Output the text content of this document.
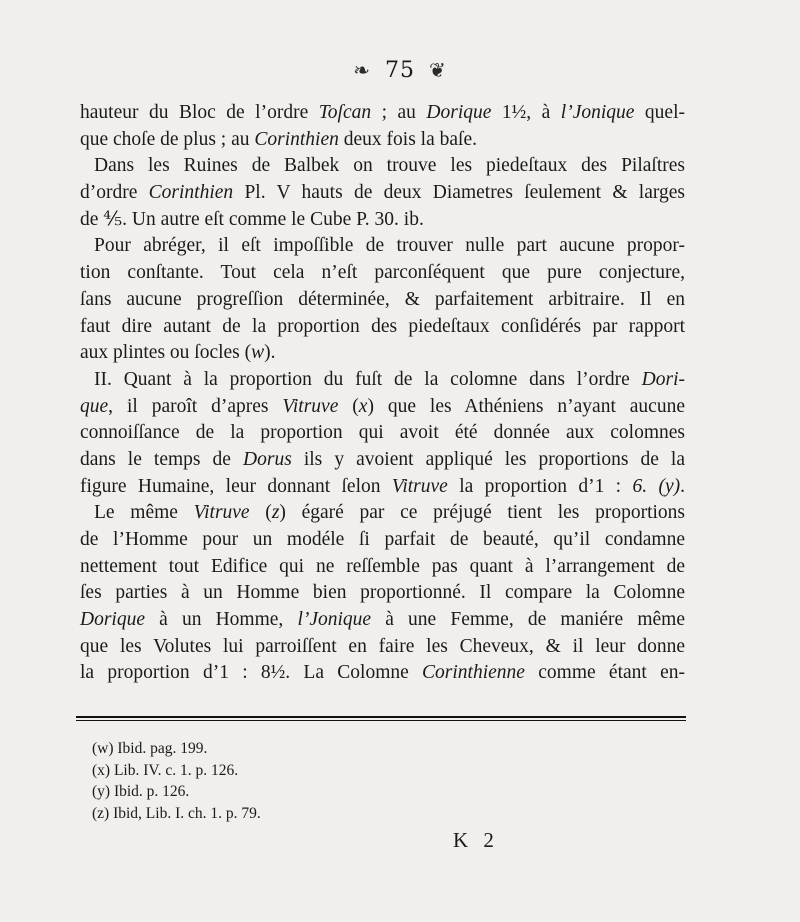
❧ 75 ❦
hauteur du Bloc de l’ordre Toſcan ; au Dorique 1½, à l’Jonique quel-
que choſe de plus ; au Corinthien deux fois la baſe.
Dans les Ruines de Balbek on trouve les piedeſtaux des Pilaſtres
d’ordre Corinthien Pl. V hauts de deux Diametres ſeulement & larges
de ⅘. Un autre eſt comme le Cube P. 30. ib.
Pour abréger, il eſt impoſſible de trouver nulle part aucune propor-
tion conſtante. Tout cela n’eſt parconſéquent que pure conjecture,
ſans aucune progreſſion déterminée, & parfaitement arbitraire. Il en
faut dire autant de la proportion des piedeſtaux conſidérés par rapport
aux plintes ou ſocles (w).
II. Quant à la proportion du fuſt de la colomne dans l’ordre Dori-
que, il paroît d’apres Vitruve (x) que les Athéniens n’ayant aucune
connoiſſance de la proportion qui avoit été donnée aux colomnes
dans le temps de Dorus ils y avoient appliqué les proportions de la
figure Humaine, leur donnant ſelon Vitruve la proportion d’1 : 6. (y).
Le même Vitruve (z) égaré par ce préjugé tient les proportions
de l’Homme pour un modéle ſi parfait de beauté, qu’il condamne
nettement tout Edifice qui ne reſſemble pas quant à l’arrangement de
ſes parties à un Homme bien proportionné. Il compare la Colomne
Dorique à un Homme, l’Jonique à une Femme, de maniére même
que les Volutes lui parroiſſent en faire les Cheveux, & il leur donne
la proportion d’1 : 8½. La Colomne Corinthienne comme étant en-
(w) Ibid. pag. 199.
(x) Lib. IV. c. 1. p. 126.
(y) Ibid. p. 126.
(z) Ibid, Lib. I. ch. 1. p. 79.
K 2
